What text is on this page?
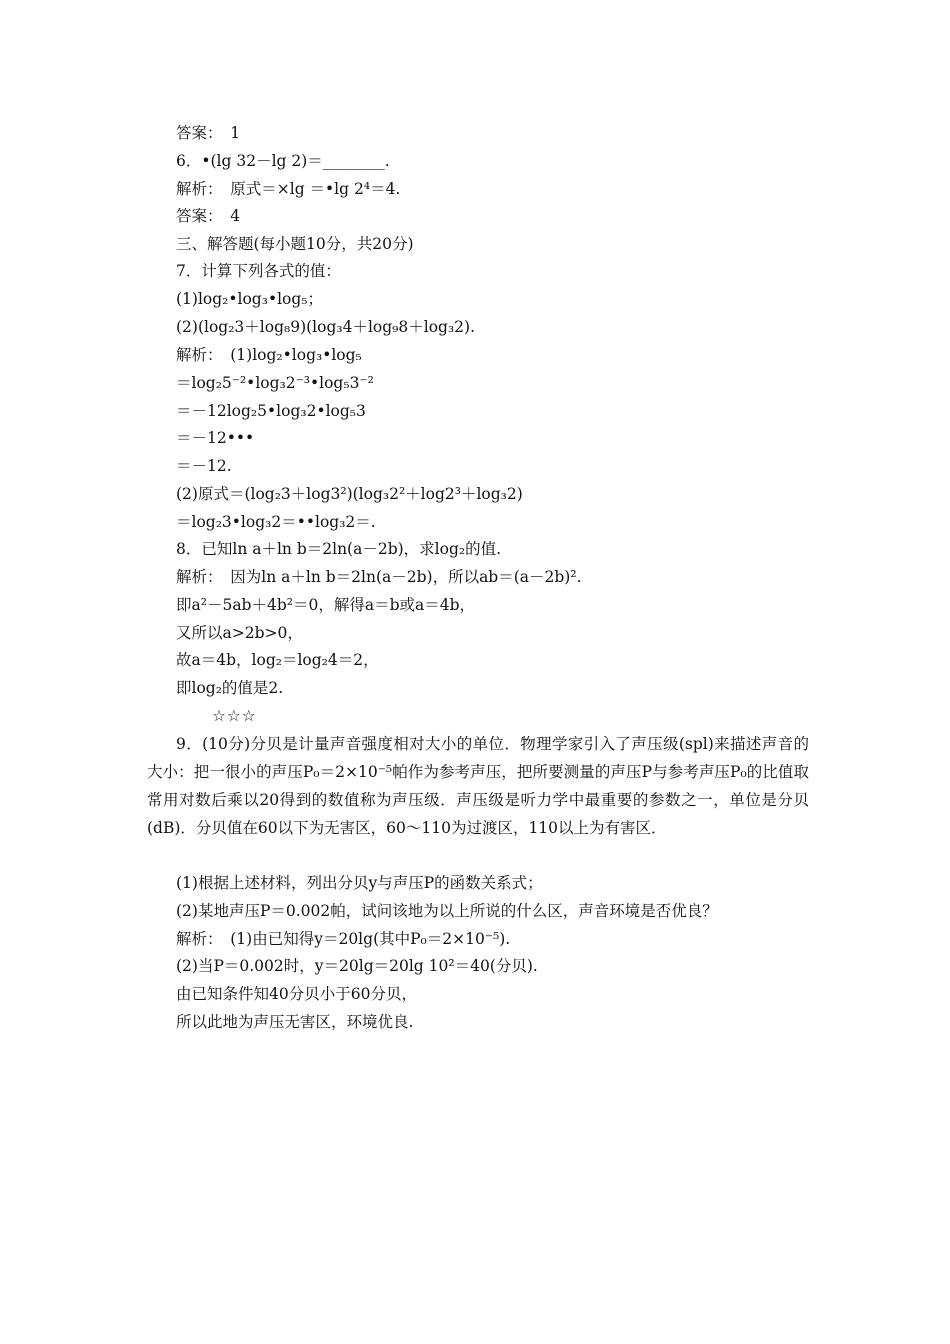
答案：　1
6．•(lg 32－lg 2)＝________.
解析：　原式＝×lg ＝•lg 2⁴＝4.
答案：　4
三、解答题(每小题10分，共20分)
7．计算下列各式的值：
(1)log₂•log₃•log₅；
(2)(log₂3＋log₈9)(log₃4＋log₉8＋log₃2).
解析：　(1)log₂•log₃•log₅
＝log₂5⁻²•log₃2⁻³•log₅3⁻²
＝－12log₂5•log₃2•log₅3
＝－12•••
＝－12.
(2)原式＝(log₂3＋log3²)(log₃2²＋log2³＋log₃2)
＝log₂3•log₃2＝••log₃2＝.
8．已知ln a＋ln b＝2ln(a－2b)，求log₂的值.
解析：　因为ln a＋ln b＝2ln(a－2b)，所以ab＝(a－2b)².
即a²－5ab＋4b²＝0，解得a＝b或a＝4b，
又所以a>2b>0，
故a＝4b，log₂＝log₂4＝2，
即log₂的值是2.
☆☆☆
9．(10分)分贝是计量声音强度相对大小的单位．物理学家引入了声压级(spl)来描述声音的大小：把一很小的声压P₀＝2×10⁻⁵帕作为参考声压，把所要测量的声压P与参考声压P₀的比值取常用对数后乘以20得到的数值称为声压级．声压级是听力学中最重要的参数之一，单位是分贝(dB)．分贝值在60以下为无害区，60～110为过渡区，110以上为有害区．
(1)根据上述材料，列出分贝y与声压P的函数关系式；
(2)某地声压P＝0.002帕，试问该地为以上所说的什么区，声音环境是否优良？
解析：　(1)由已知得y＝20lg(其中P₀＝2×10⁻⁵).
(2)当P＝0.002时，y＝20lg＝20lg 10²＝40(分贝).
由已知条件知40分贝小于60分贝，
所以此地为声压无害区，环境优良.
